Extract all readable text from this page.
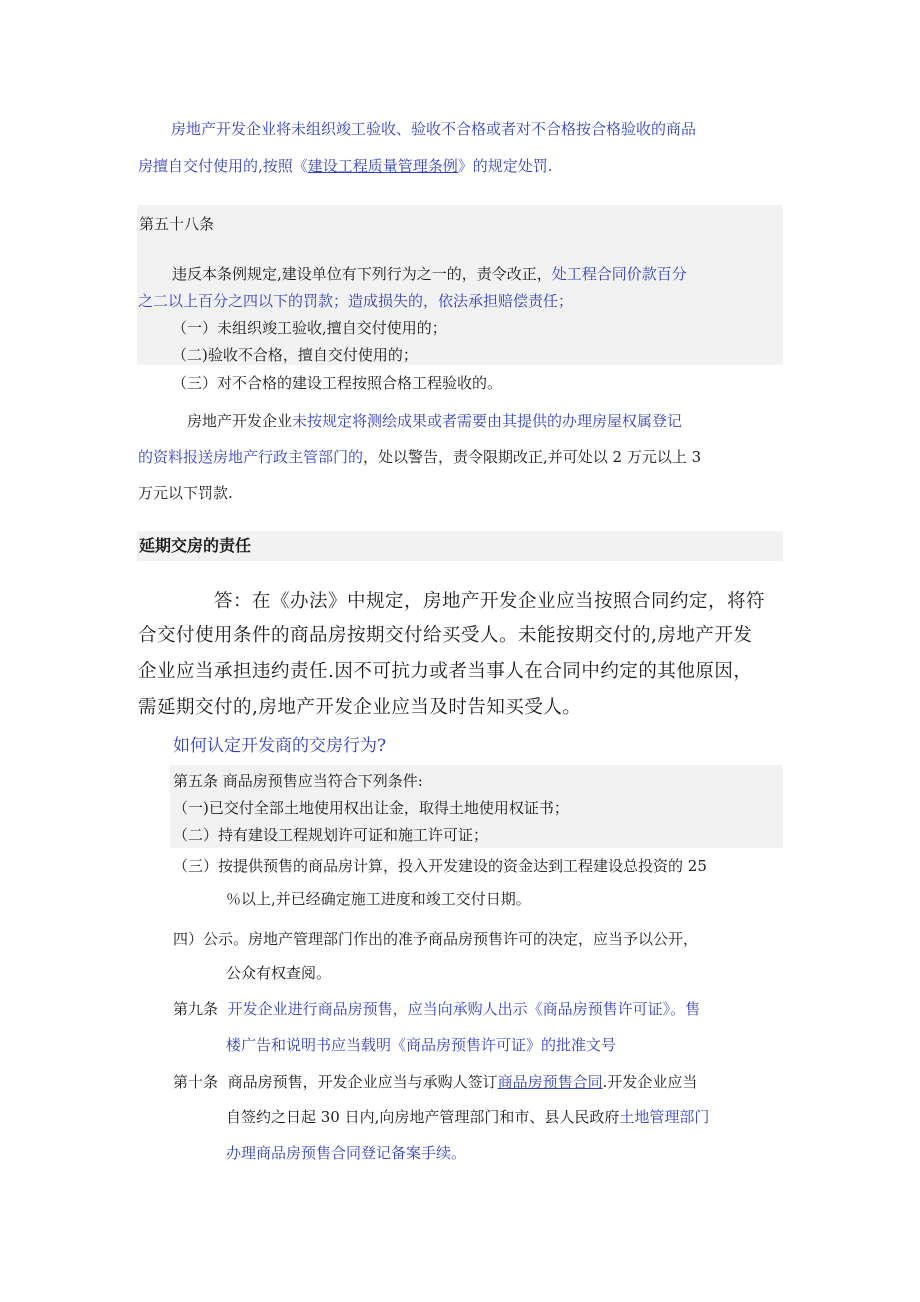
房地产开发企业将未组织竣工验收、验收不合格或者对不合格按合格验收的商品
房擅自交付使用的,按照《建设工程质量管理条例》的规定处罚.
第五十八条
违反本条例规定,建设单位有下列行为之一的，责令改正，处工程合同价款百分
之二以上百分之四以下的罚款；造成损失的，依法承担赔偿责任；
（一）未组织竣工验收,擅自交付使用的；
（二)验收不合格，擅自交付使用的；
（三）对不合格的建设工程按照合格工程验收的。
房地产开发企业未按规定将测绘成果或者需要由其提供的办理房屋权属登记
的资料报送房地产行政主管部门的，处以警告，责令限期改正,并可处以 2 万元以上 3
万元以下罚款.
延期交房的责任
答：在《办法》中规定，房地产开发企业应当按照合同约定，将符
合交付使用条件的商品房按期交付给买受人。未能按期交付的,房地产开发
企业应当承担违约责任.因不可抗力或者当事人在合同中约定的其他原因，
需延期交付的,房地产开发企业应当及时告知买受人。
如何认定开发商的交房行为?
第五条 商品房预售应当符合下列条件:
（一)已交付全部土地使用权出让金，取得土地使用权证书；
（二）持有建设工程规划许可证和施工许可证；
（三）按提供预售的商品房计算，投入开发建设的资金达到工程建设总投资的 25
％以上,并已经确定施工进度和竣工交付日期。
四）公示。房地产管理部门作出的准予商品房预售许可的决定，应当予以公开，
公众有权查阅。
第九条 开发企业进行商品房预售，应当向承购人出示《商品房预售许可证》。售
楼广告和说明书应当载明《商品房预售许可证》的批准文号
第十条 商品房预售，开发企业应当与承购人签订商品房预售合同.开发企业应当
自签约之日起 30 日内,向房地产管理部门和市、县人民政府土地管理部门
办理商品房预售合同登记备案手续。
